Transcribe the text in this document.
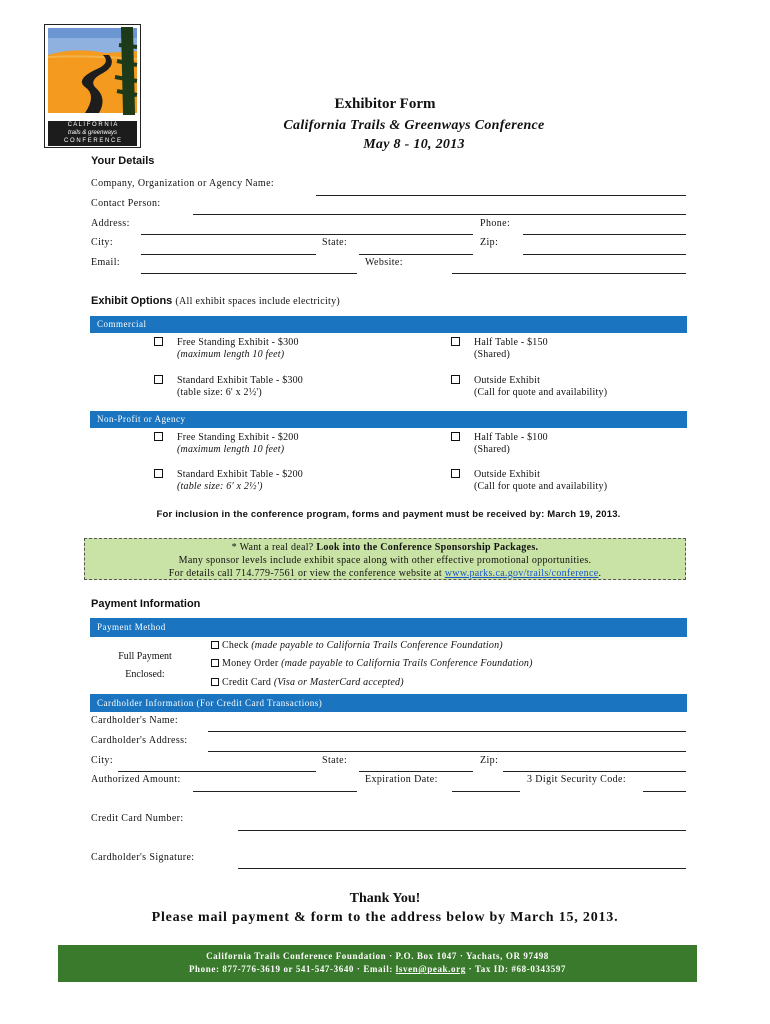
C A L I F O R N I A
trails & greenways
C O N F E R E N C E
Exhibitor Form
California Trails & Greenways Conference
May 8 - 10, 2013
Your Details
Company, Organization or Agency Name:
Contact Person:
Address:	Phone:
City:	State:	Zip:
Email:	Website:
Exhibit Options (All exhibit spaces include electricity)
Commercial
Free Standing Exhibit - $300
(maximum length 10 feet)
Half Table - $150
(Shared)
Standard Exhibit Table - $300
(table size: 6' x 2½')
Outside Exhibit
(Call for quote and availability)
Non-Profit or Agency
Free Standing Exhibit - $200
(maximum length 10 feet)
Half Table - $100
(Shared)
Standard Exhibit Table - $200
(table size: 6' x 2½')
Outside Exhibit
(Call for quote and availability)
For inclusion in the conference program, forms and payment must be received by: March 19, 2013.
* Want a real deal? Look into the Conference Sponsorship Packages.
Many sponsor levels include exhibit space along with other effective promotional opportunities.
For details call 714.779-7561 or view the conference website at www.parks.ca.gov/trails/conference.
Payment Information
Payment Method
Full Payment
Enclosed:
Check (made payable to California Trails Conference Foundation)
Money Order (made payable to California Trails Conference Foundation)
Credit Card (Visa or MasterCard accepted)
Cardholder Information (For Credit Card Transactions)
Cardholder's Name:
Cardholder's Address:
City:	State:	Zip:
Authorized Amount:	Expiration Date:	3 Digit Security Code:
Credit Card Number:
Cardholder's Signature:
Thank You!
Please mail payment & form to the address below by March 15, 2013.
California Trails Conference Foundation · P.O. Box 1047 · Yachats, OR 97498
Phone: 877-776-3619 or 541-547-3640 · Email: lsven@peak.org · Tax ID: #68-0343597
